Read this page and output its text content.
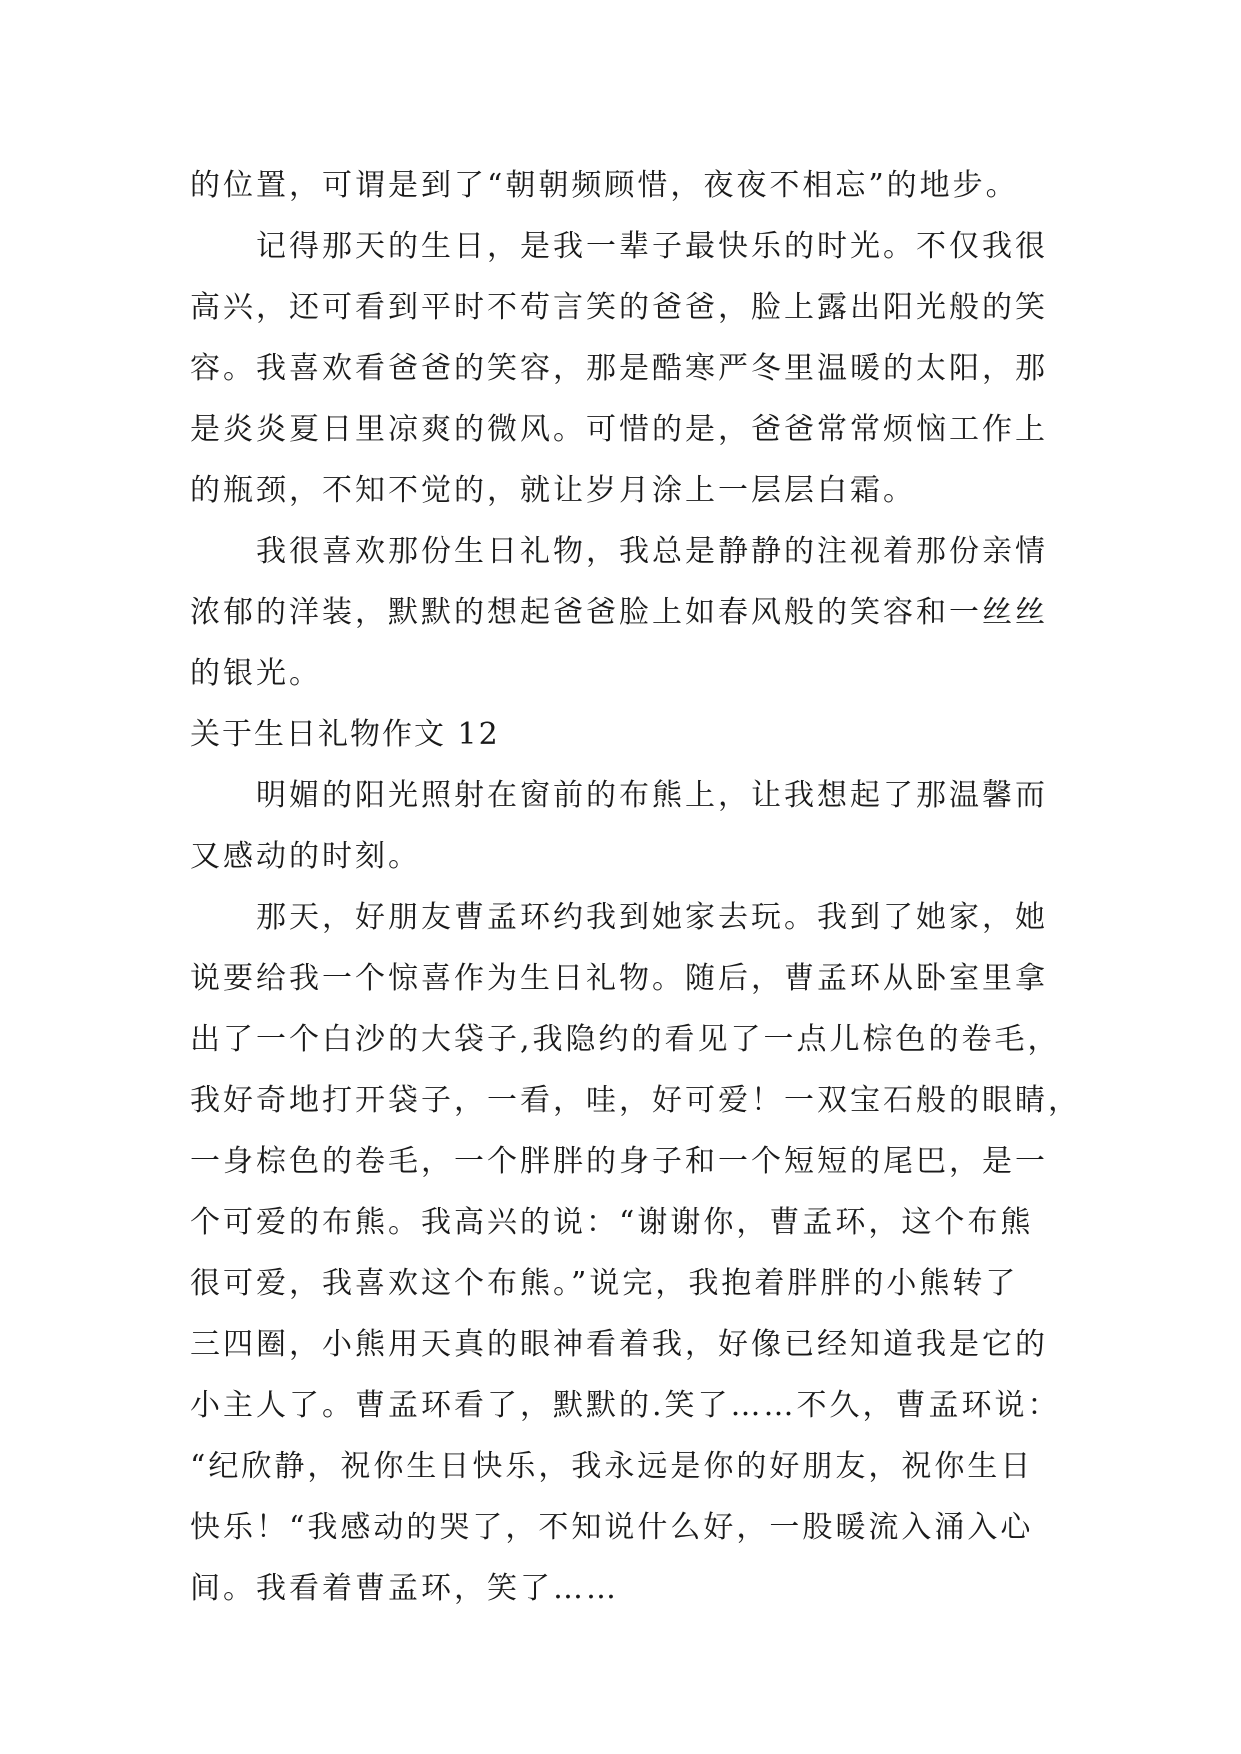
的位置，可谓是到了“朝朝频顾惜，夜夜不相忘”的地步。
记得那天的生日，是我一辈子最快乐的时光。不仅我很
高兴，还可看到平时不苟言笑的爸爸，脸上露出阳光般的笑
容。我喜欢看爸爸的笑容，那是酷寒严冬里温暖的太阳，那
是炎炎夏日里凉爽的微风。可惜的是，爸爸常常烦恼工作上
的瓶颈，不知不觉的，就让岁月涂上一层层白霜。
我很喜欢那份生日礼物，我总是静静的注视着那份亲情
浓郁的洋装，默默的想起爸爸脸上如春风般的笑容和一丝丝
的银光。
关于生日礼物作文 12
明媚的阳光照射在窗前的布熊上，让我想起了那温馨而
又感动的时刻。
那天，好朋友曹孟环约我到她家去玩。我到了她家，她
说要给我一个惊喜作为生日礼物。随后，曹孟环从卧室里拿
出了一个白沙的大袋子,我隐约的看见了一点儿棕色的卷毛，
我好奇地打开袋子，一看，哇，好可爱！一双宝石般的眼睛，
一身棕色的卷毛，一个胖胖的身子和一个短短的尾巴，是一
个可爱的布熊。我高兴的说：“谢谢你，曹孟环，这个布熊
很可爱，我喜欢这个布熊。”说完，我抱着胖胖的小熊转了
三四圈，小熊用天真的眼神看着我，好像已经知道我是它的
小主人了。曹孟环看了，默默的.笑了……不久，曹孟环说：
“纪欣静，祝你生日快乐，我永远是你的好朋友，祝你生日
快乐！“我感动的哭了，不知说什么好，一股暖流入涌入心
间。我看着曹孟环，笑了……
